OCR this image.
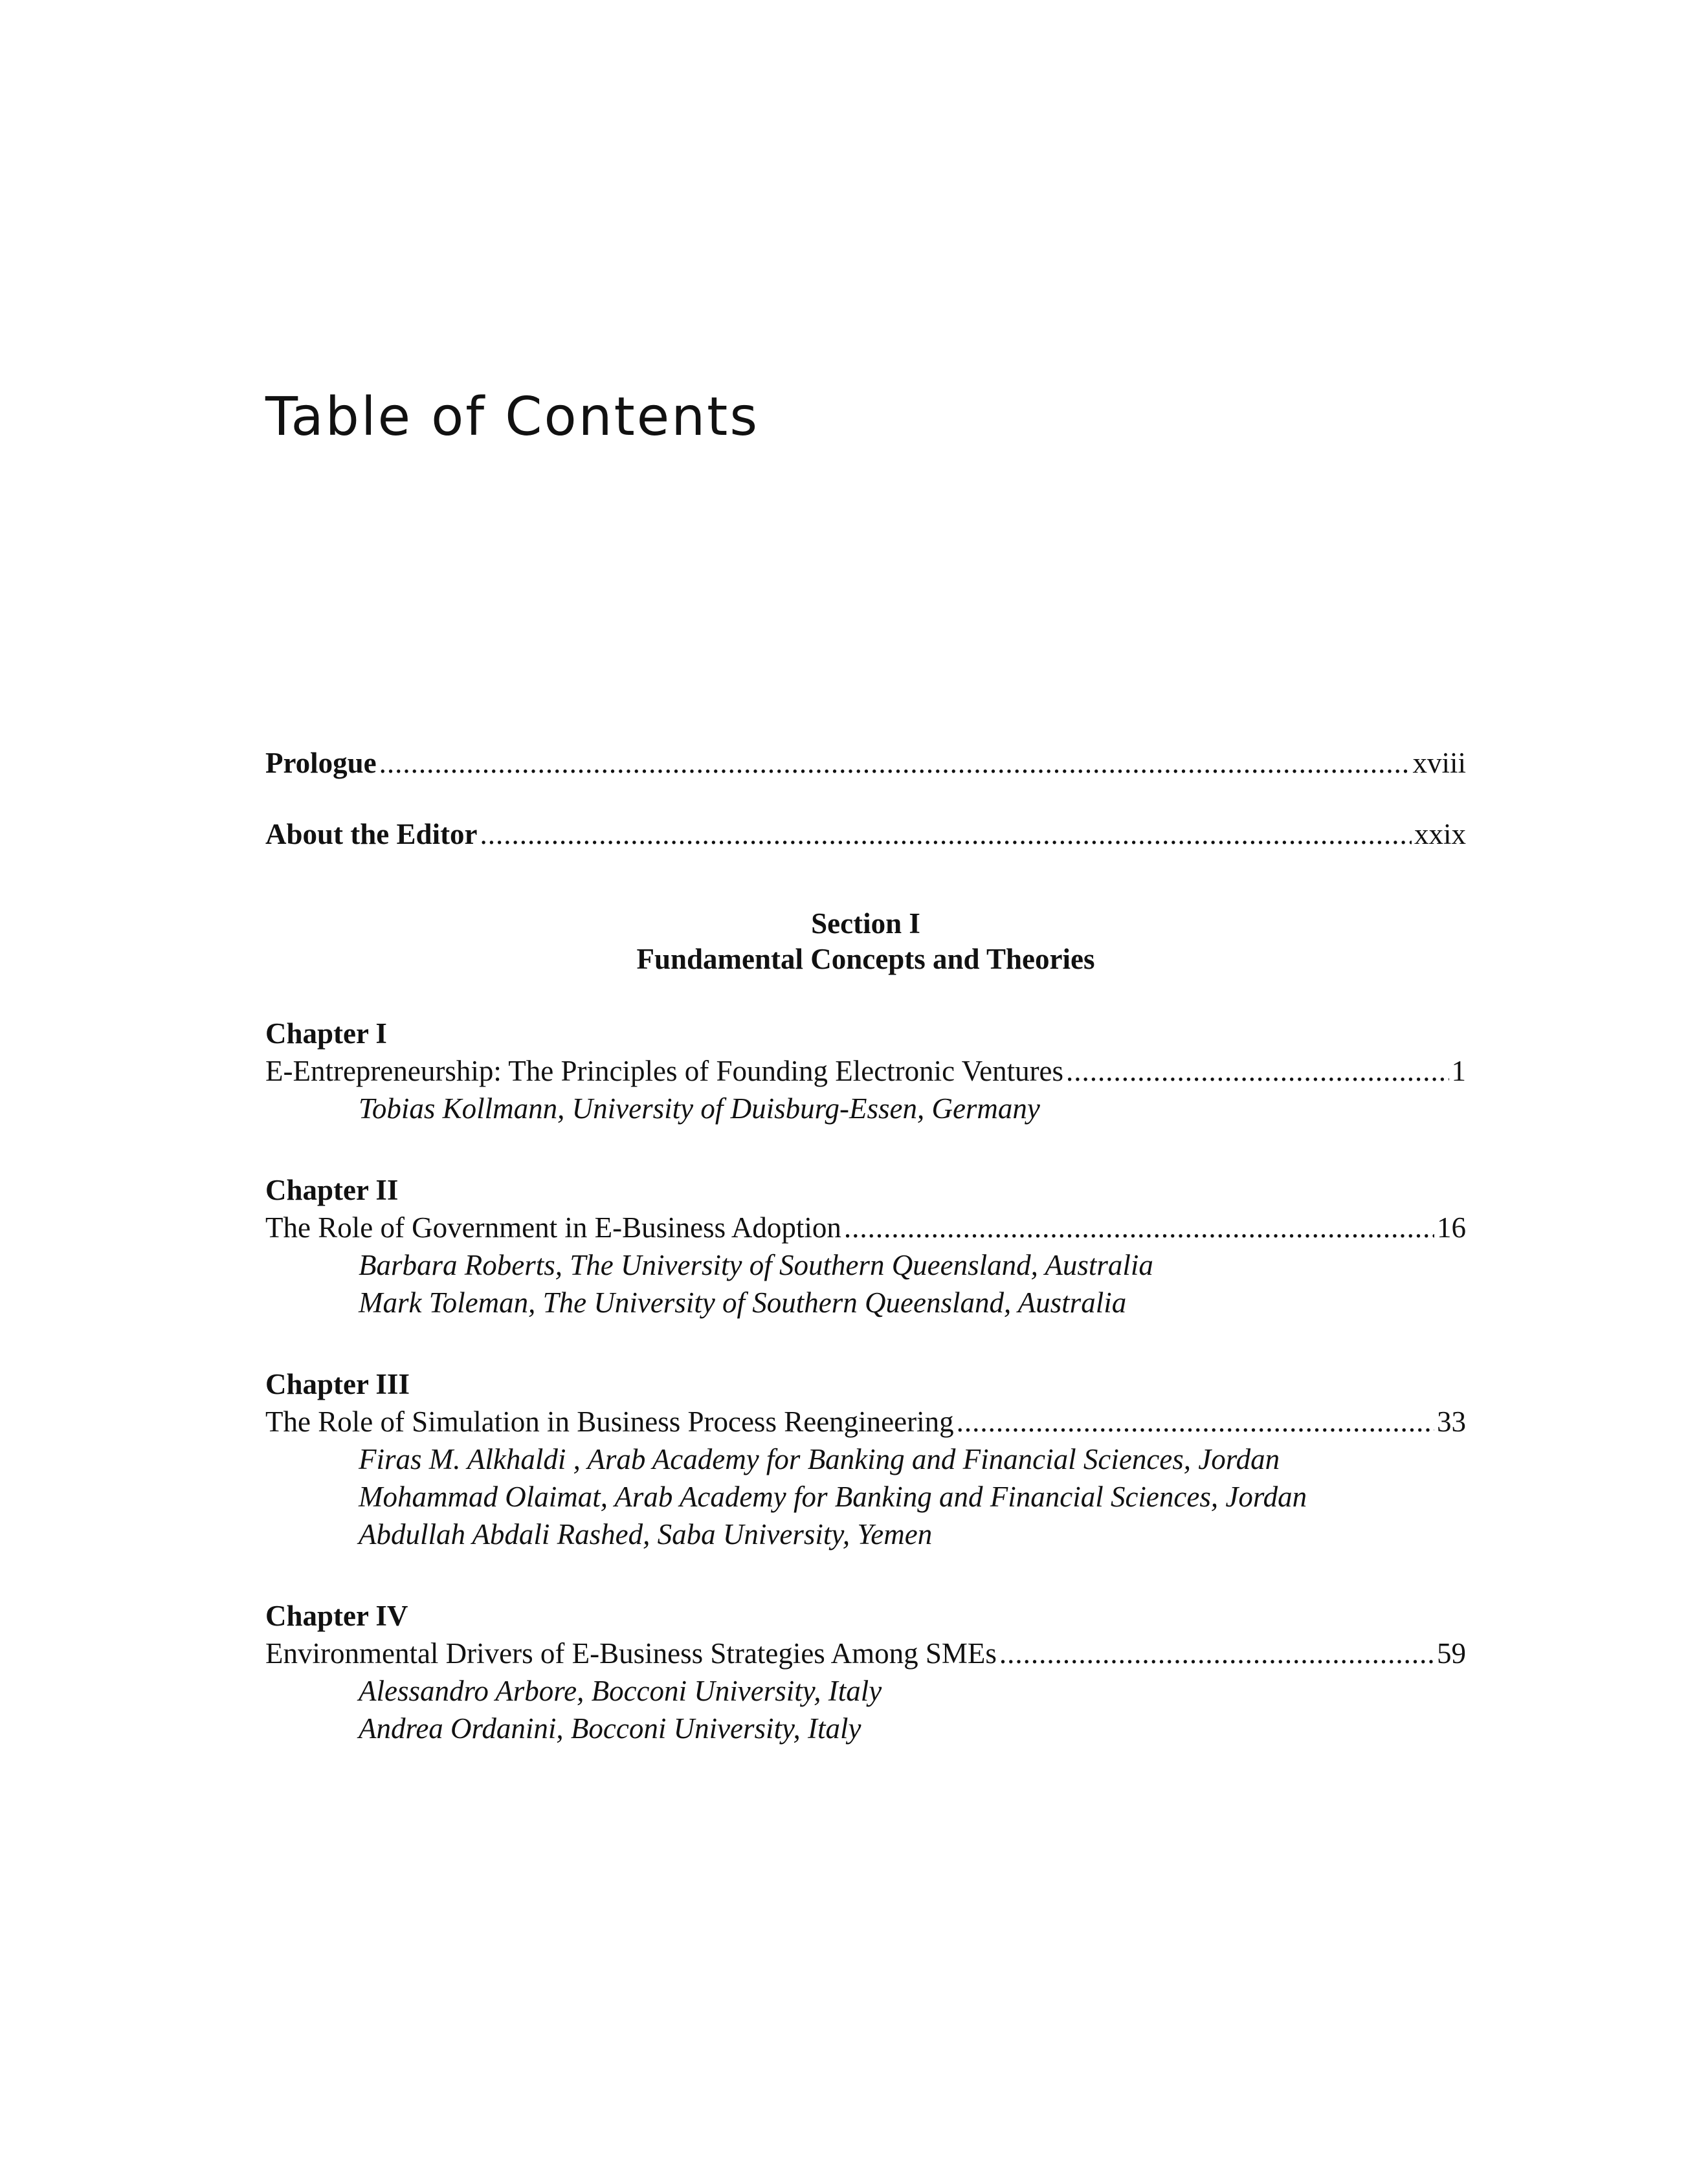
Table of Contents
Prologue .....	xviii
About the Editor .....	xxix
Section I
Fundamental Concepts and Theories
Chapter I
E-Entrepreneurship: The Principles of Founding Electronic Ventures .....	1
Tobias Kollmann, University of Duisburg-Essen, Germany
Chapter II
The Role of Government in E-Business Adoption .....	16
Barbara Roberts, The University of Southern Queensland, Australia
Mark Toleman, The University of Southern Queensland, Australia
Chapter III
The Role of Simulation in Business Process Reengineering .....	33
Firas M. Alkhaldi , Arab Academy for Banking and Financial Sciences, Jordan
Mohammad Olaimat, Arab Academy for Banking and Financial Sciences, Jordan
Abdullah Abdali Rashed, Saba University, Yemen
Chapter IV
Environmental Drivers of E-Business Strategies Among SMEs .....	59
Alessandro Arbore, Bocconi University, Italy
Andrea Ordanini, Bocconi University, Italy
